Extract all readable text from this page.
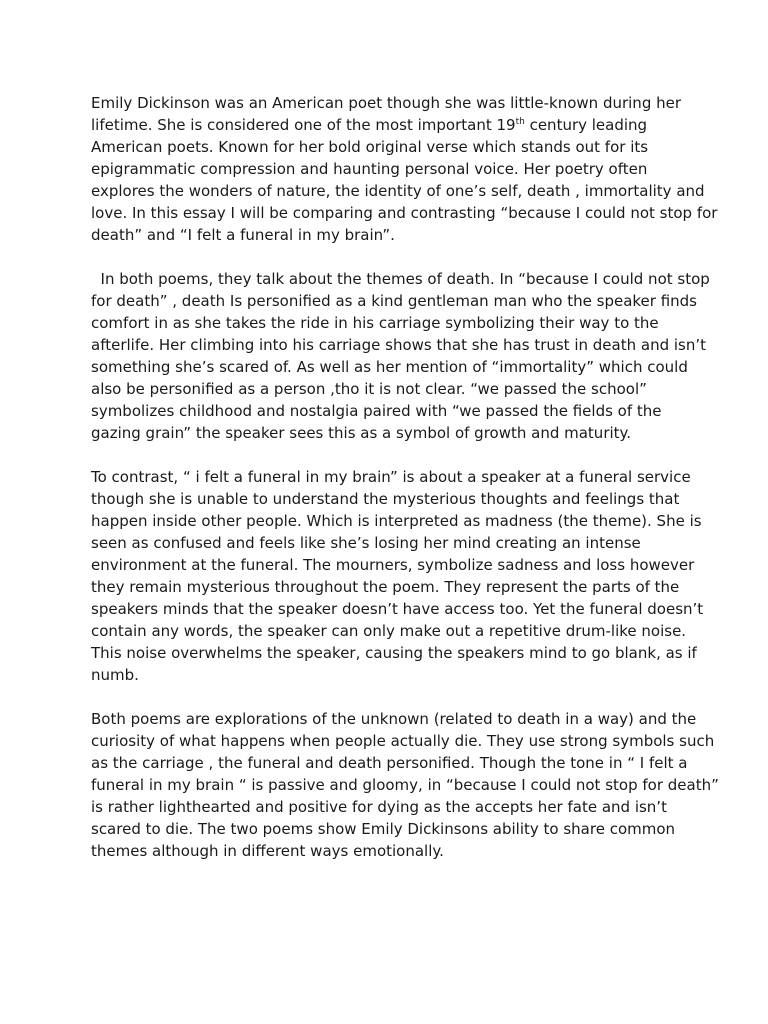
Emily Dickinson was an American poet though she was little-known during her
lifetime. She is considered one of the most important 19th century leading
American poets. Known for her bold original verse which stands out for its
epigrammatic compression and haunting personal voice. Her poetry often
explores the wonders of nature, the identity of one’s self, death , immortality and
love. In this essay I will be comparing and contrasting “because I could not stop for
death” and “I felt a funeral in my brain”.

In both poems, they talk about the themes of death. In “because I could not stop
for death” , death Is personified as a kind gentleman man who the speaker finds
comfort in as she takes the ride in his carriage symbolizing their way to the
afterlife. Her climbing into his carriage shows that she has trust in death and isn’t
something she’s scared of. As well as her mention of “immortality” which could
also be personified as a person ,tho it is not clear. “we passed the school”
symbolizes childhood and nostalgia paired with “we passed the fields of the
gazing grain” the speaker sees this as a symbol of growth and maturity.

To contrast, “ i felt a funeral in my brain” is about a speaker at a funeral service
though she is unable to understand the mysterious thoughts and feelings that
happen inside other people. Which is interpreted as madness (the theme). She is
seen as confused and feels like she’s losing her mind creating an intense
environment at the funeral. The mourners, symbolize sadness and loss however
they remain mysterious throughout the poem. They represent the parts of the
speakers minds that the speaker doesn’t have access too. Yet the funeral doesn’t
contain any words, the speaker can only make out a repetitive drum-like noise.
This noise overwhelms the speaker, causing the speakers mind to go blank, as if
numb.

Both poems are explorations of the unknown (related to death in a way) and the
curiosity of what happens when people actually die. They use strong symbols such
as the carriage , the funeral and death personified. Though the tone in “ I felt a
funeral in my brain “ is passive and gloomy, in “because I could not stop for death”
is rather lighthearted and positive for dying as the accepts her fate and isn’t
scared to die. The two poems show Emily Dickinsons ability to share common
themes although in different ways emotionally.
